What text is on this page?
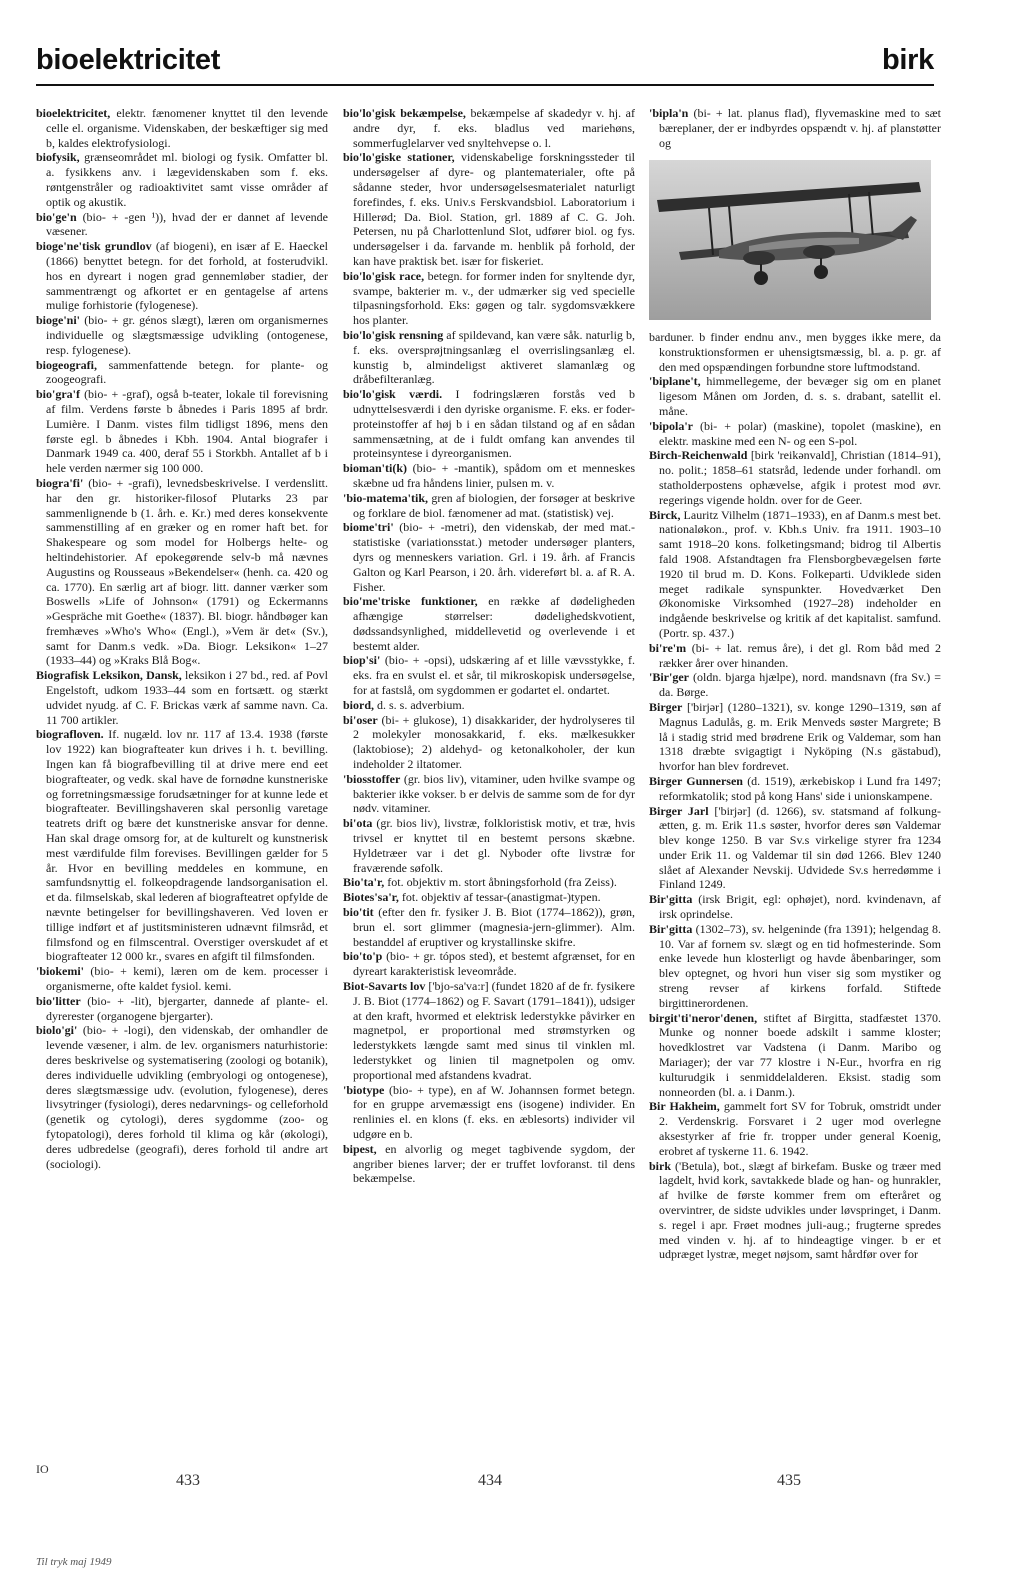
bioelektricitet	birk

bioelektricitet, elektr. fænomener knyttet til den levende celle el. organisme. Videnskaben, der beskæftiger sig med b, kaldes elektrofysiologi.

biofysik, grænseområdet ml. biologi og fysik. Omfatter bl. a. fysikkens anv. i lægevidenskaben som f. eks. røntgenstråler og radioaktivitet samt visse områder af optik og akustik.

bio'ge'n (bio- + -gen ¹)), hvad der er dannet af levende væsener.

bioge'ne'tisk grundlov (af biogeni), en især af E. Haeckel (1866) benyttet betegn. for det forhold, at fosterudvikl. hos en dyreart i nogen grad gennemløber stadier, der sammentrængt og afkortet er en gentagelse af artens mulige forhistorie (fylogenese).

bioge'ni' (bio- + gr. génos slægt), læren om organismernes individuelle og slægtsmæssige udvikling (ontogenese, resp. fylogenese).

biogeografi, sammenfattende betegn. for plante- og zoogeografi.

bio'gra'f (bio- + -graf), også b-teater, lokale til forevisning af film. Verdens første b åbnedes i Paris 1895 af brdr. Lumière. I Danm. vistes film tidligst 1896, mens den første egl. b åbnedes i Kbh. 1904. Antal biografer i Danmark 1949 ca. 400, deraf 55 i Storkbh. Antallet af b i hele verden nærmer sig 100 000.

biogra'fi' (bio- + -grafi), levnedsbeskrivelse. I verdenslitt. har den gr. historiker-filosof Plutarks 23 par sammenlignende b (1. årh. e. Kr.) med deres konsekvente sammenstilling af en græker og en romer haft bet. for Shakespeare og som model for Holbergs helte- og heltindehistorier. Af epokegørende selv-b må nævnes Augustins og Rousseaus »Bekendelser« (henh. ca. 420 og ca. 1770). En særlig art af biogr. litt. danner værker som Boswells »Life of Johnson« (1791) og Eckermanns »Gespräche mit Goethe« (1837). Bl. biogr. håndbøger kan fremhæves »Who's Who« (Engl.), »Vem är det« (Sv.), samt for Danm.s vedk. »Da. Biogr. Leksikon« 1–27 (1933–44) og »Kraks Blå Bog«.

Biografisk Leksikon, Dansk, leksikon i 27 bd., red. af Povl Engelstoft, udkom 1933–44 som en fortsætt. og stærkt udvidet nyudg. af C. F. Brickas værk af samme navn. Ca. 11 700 artikler.

biografloven. If. nugæld. lov nr. 117 af 13.4. 1938 (første lov 1922) kan biografteater kun drives i h. t. bevilling. Ingen kan få biografbevilling til at drive mere end eet biografteater, og vedk. skal have de fornødne kunstneriske og forretningsmæssige forudsætninger for at kunne lede et biografteater. Bevillingshaveren skal personlig varetage teatrets drift og bære det kunstneriske ansvar for denne. Han skal drage omsorg for, at de kulturelt og kunstnerisk mest værdifulde film forevises. Bevillingen gælder for 5 år. Hvor en bevilling meddeles en kommune, en samfundsnyttig el. folkeopdragende landsorganisation el. et da. filmselskab, skal lederen af biografteatret opfylde de nævnte betingelser for bevillingshaveren. Ved loven er tillige indført et af justitsministeren udnævnt filmsråd, et filmsfond og en filmscentral. Overstiger overskudet af et biografteater 12 000 kr., svares en afgift til filmsfonden.

'biokemi' (bio- + kemi), læren om de kem. processer i organismerne, ofte kaldet fysiol. kemi.

bio'litter (bio- + -lit), bjergarter, dannede af plante- el. dyrerester (organogene bjergarter).

biolo'gi' (bio- + -logi), den videnskab, der omhandler de levende væsener, i alm. de lev. organismers naturhistorie: deres beskrivelse og systematisering (zoologi og botanik), deres individuelle udvikling (embryologi og ontogenese), deres slægtsmæssige udv. (evolution, fylogenese), deres livsytringer (fysiologi), deres nedarvnings- og celleforhold (genetik og cytologi), deres sygdomme (zoo- og fytopatologi), deres forhold til klima og kår (økologi), deres udbredelse (geografi), deres forhold til andre art (sociologi).

bio'lo'gisk bekæmpelse, bekæmpelse af skadedyr v. hj. af andre dyr, f. eks. bladlus ved mariehøns, sommerfuglelarver ved snyltehvepse o. l.

bio'lo'giske stationer, videnskabelige forskningssteder til undersøgelser af dyre- og plantematerialer, ofte på sådanne steder, hvor undersøgelsesmaterialet naturligt forefindes, f. eks. Univ.s Ferskvandsbiol. Laboratorium i Hillerød; Da. Biol. Station, grl. 1889 af C. G. Joh. Petersen, nu på Charlottenlund Slot, udfører biol. og fys. undersøgelser i da. farvande m. henblik på forhold, der kan have praktisk bet. især for fiskeriet.

bio'lo'gisk race, betegn. for former inden for snyltende dyr, svampe, bakterier m. v., der udmærker sig ved specielle tilpasningsforhold. Eks: gøgen og talr. sygdomsvækkere hos planter.

bio'lo'gisk rensning af spildevand, kan være såk. naturlig b, f. eks. oversprøjtningsanlæg el overrislingsanlæg el. kunstig b, almindeligst aktiveret slamanlæg og dråbefilteranlæg.

bio'lo'gisk værdi. I fodringslæren forstås ved b udnyttelsesværdi i den dyriske organisme. F. eks. er foder-proteinstoffer af høj b i en sådan tilstand og af en sådan sammensætning, at de i fuldt omfang kan anvendes til proteinsyntese i dyreorganismen.

bioman'ti(k) (bio- + -mantik), spådom om et menneskes skæbne ud fra håndens linier, pulsen m. v.

'bio-matema'tik, gren af biologien, der forsøger at beskrive og forklare de biol. fænomener ad mat. (statistisk) vej.

biome'tri' (bio- + -metri), den videnskab, der med mat.-statistiske (variationsstat.) metoder undersøger planters, dyrs og menneskers variation. Grl. i 19. årh. af Francis Galton og Karl Pearson, i 20. årh. videreført bl. a. af R. A. Fisher.

bio'me'triske funktioner, en række af dødeligheden afhængige størrelser: dødelighedskvotient, dødssandsynlighed, middellevetid og overlevende i et bestemt alder.

biop'si' (bio- + -opsi), udskæring af et lille vævsstykke, f. eks. fra en svulst el. et sår, til mikroskopisk undersøgelse, for at fastslå, om sygdommen er godartet el. ondartet.

biord, d. s. s. adverbium.

bi'oser (bi- + glukose), 1) disakkarider, der hydrolyseres til 2 molekyler monosakkarid, f. eks. mælkesukker (laktobiose); 2) aldehyd- og ketonalkoholer, der kun indeholder 2 iltatomer.

'biosstoffer (gr. bios liv), vitaminer, uden hvilke svampe og bakterier ikke vokser. b er delvis de samme som de for dyr nødv. vitaminer.

bi'ota (gr. bios liv), livstræ, folkloristisk motiv, et træ, hvis trivsel er knyttet til en bestemt persons skæbne. Hyldetræer var i det gl. Nyboder ofte livstræ for fraværende søfolk.

Bio'ta'r, fot. objektiv m. stort åbningsforhold (fra Zeiss).

Biotes'sa'r, fot. objektiv af tessar-(anastigmat-)typen.

bio'tit (efter den fr. fysiker J. B. Biot (1774–1862)), grøn, brun el. sort glimmer (magnesia-jern-glimmer). Alm. bestanddel af eruptiver og krystallinske skifre.

bio'to'p (bio- + gr. tópos sted), et bestemt afgrænset, for en dyreart karakteristisk leveområde.

Biot-Savarts lov ['bjo-sa'va:r] (fundet 1820 af de fr. fysikere J. B. Biot (1774–1862) og F. Savart (1791–1841)), udsiger at den kraft, hvormed et elektrisk lederstykke påvirker en magnetpol, er proportional med strømstyrken og lederstykkets længde samt med sinus til vinklen ml. lederstykket og linien til magnetpolen og omv. proportional med afstandens kvadrat.

'biotype (bio- + type), en af W. Johannsen formet betegn. for en gruppe arvemæssigt ens (isogene) individer. En renlinies el. en klons (f. eks. en æblesorts) individer vil udgøre en b.

bipest, en alvorlig og meget tagbivende sygdom, der angriber bienes larver; der er truffet lovforanst. til dens bekæmpelse.

'bipla'n (bi- + lat. planus flad), flyvemaskine med to sæt bæreplaner, der er indbyrdes opspændt v. hj. af planstøtter og

barduner. b finder endnu anv., men bygges ikke mere, da konstruktionsformen er uhensigtsmæssig, bl. a. p. gr. af den med opspændingen forbundne store luftmodstand.

'biplane't, himmellegeme, der bevæger sig om en planet ligesom Månen om Jorden, d. s. s. drabant, satellit el. måne.

'bipola'r (bi- + polar) (maskine), topolet (maskine), en elektr. maskine med een N- og een S-pol.

Birch-Reichenwald [birk 'reikənvald], Christian (1814–91), no. polit.; 1858–61 statsråd, ledende under forhandl. om statholderpostens ophævelse, afgik i protest mod øvr. regerings vigende holdn. over for de Geer.

Birck, Lauritz Vilhelm (1871–1933), en af Danm.s mest bet. nationaløkon., prof. v. Kbh.s Univ. fra 1911. 1903–10 samt 1918–20 kons. folketingsmand; bidrog til Albertis fald 1908. Afstandtagen fra Flensborgbevægelsen førte 1920 til brud m. D. Kons. Folkeparti. Udviklede siden meget radikale synspunkter. Hovedværket Den Økonomiske Virksomhed (1927–28) indeholder en indgående beskrivelse og kritik af det kapitalist. samfund. (Portr. sp. 437.)

bi're'm (bi- + lat. remus åre), i det gl. Rom båd med 2 rækker årer over hinanden.

'Bir'ger (oldn. bjarga hjælpe), nord. mandsnavn (fra Sv.) = da. Børge.

Birger ['birjər] (1280–1321), sv. konge 1290–1319, søn af Magnus Ladulås, g. m. Erik Menveds søster Margrete; B lå i stadig strid med brødrene Erik og Valdemar, som han 1318 dræbte svigagtigt i Nyköping (N.s gästabud), hvorfor han blev fordrevet.

Birger Gunnersen (d. 1519), ærkebiskop i Lund fra 1497; reformkatolik; stod på kong Hans' side i unionskampene.

Birger Jarl ['birjər] (d. 1266), sv. statsmand af folkung-ætten, g. m. Erik 11.s søster, hvorfor deres søn Valdemar blev konge 1250. B var Sv.s virkelige styrer fra 1234 under Erik 11. og Valdemar til sin død 1266. Blev 1240 slået af Alexander Nevskij. Udvidede Sv.s herredømme i Finland 1249.

Bir'gitta (irsk Brigit, egl: ophøjet), nord. kvindenavn, af irsk oprindelse.

Bir'gitta (1302–73), sv. helgeninde (fra 1391); helgendag 8. 10. Var af fornem sv. slægt og en tid hofmesterinde. Som enke levede hun klosterligt og havde åbenbaringer, som blev optegnet, og hvori hun viser sig som mystiker og streng revser af kirkens forfald. Stiftede birgittinerordenen.

birgit'ti'neror'denen, stiftet af Birgitta, stadfæstet 1370. Munke og nonner boede adskilt i samme kloster; hovedklostret var Vadstena (i Danm. Maribo og Mariager); der var 77 klostre i N-Eur., hvorfra en rig kulturudgik i senmiddelalderen. Eksist. stadig som nonneorden (bl. a. i Danm.).

Bir Hakheim, gammelt fort SV for Tobruk, omstridt under 2. Verdenskrig. Forsvaret i 2 uger mod overlegne aksestyrker af frie fr. tropper under general Koenig, erobret af tyskerne 11. 6. 1942.

birk ('Betula), bot., slægt af birkefam. Buske og træer med lagdelt, hvid kork, savtakkede blade og han- og hunrakler, af hvilke de første kommer frem om efteråret og overvintrer, de sidste udvikles under løvspringet, i Danm. s. regel i apr. Frøet modnes juli-aug.; frugterne spredes med vinden v. hj. af to hindeagtige vinger. b er et udpræget lystræ, meget nøjsom, samt hårdfør over for

IO
433	434	435
Til tryk maj 1949
